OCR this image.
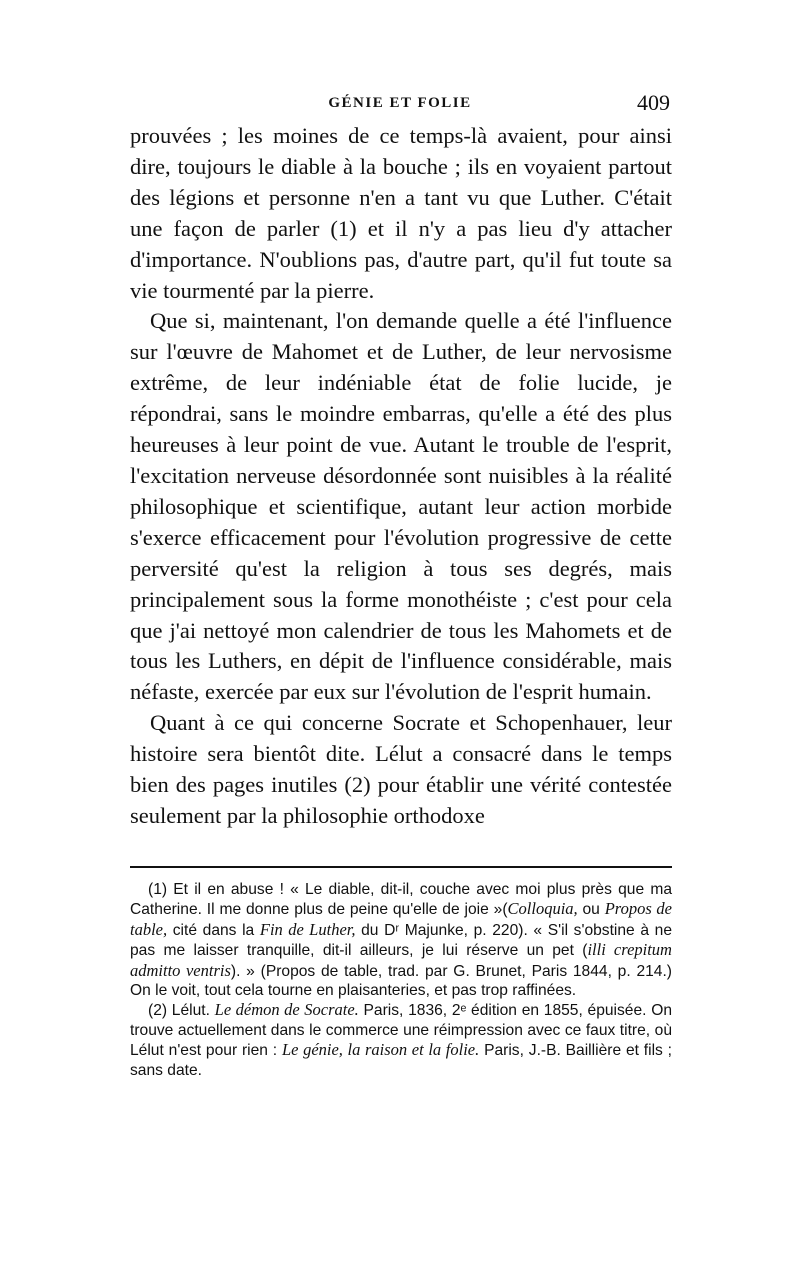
GÉNIE ET FOLIE	409

prouvées ; les moines de ce temps-là avaient, pour ainsi dire, toujours le diable à la bouche ; ils en voyaient partout des légions et personne n'en a tant vu que Luther. C'était une façon de parler (1) et il n'y a pas lieu d'y attacher d'importance. N'oublions pas, d'autre part, qu'il fut toute sa vie tourmenté par la pierre.

Que si, maintenant, l'on demande quelle a été l'influence sur l'œuvre de Mahomet et de Luther, de leur nervosisme extrême, de leur indéniable état de folie lucide, je répondrai, sans le moindre embarras, qu'elle a été des plus heureuses à leur point de vue. Autant le trouble de l'esprit, l'excitation nerveuse désordonnée sont nuisibles à la réalité philosophique et scientifique, autant leur action morbide s'exerce efficacement pour l'évolution progressive de cette perversité qu'est la religion à tous ses degrés, mais principalement sous la forme monothéiste ; c'est pour cela que j'ai nettoyé mon calendrier de tous les Mahomets et de tous les Luthers, en dépit de l'influence considérable, mais néfaste, exercée par eux sur l'évolution de l'esprit humain.

Quant à ce qui concerne Socrate et Schopenhauer, leur histoire sera bientôt dite. Lélut a consacré dans le temps bien des pages inutiles (2) pour établir une vérité contestée seulement par la philosophie orthodoxe

(1) Et il en abuse ! « Le diable, dit-il, couche avec moi plus près que ma Catherine. Il me donne plus de peine qu'elle de joie »(Colloquia, ou Propos de table, cité dans la Fin de Luther, du Dʳ Majunke, p. 220). « S'il s'obstine à ne pas me laisser tranquille, dit-il ailleurs, je lui réserve un pet (illi crepitum admitto ventris). » (Propos de table, trad. par G. Brunet, Paris 1844, p. 214.) On le voit, tout cela tourne en plaisanteries, et pas trop raffinées.

(2) Lélut. Le démon de Socrate. Paris, 1836, 2ᵉ édition en 1855, épuisée. On trouve actuellement dans le commerce une réimpression avec ce faux titre, où Lélut n'est pour rien : Le génie, la raison et la folie. Paris, J.-B. Baillière et fils ; sans date.
